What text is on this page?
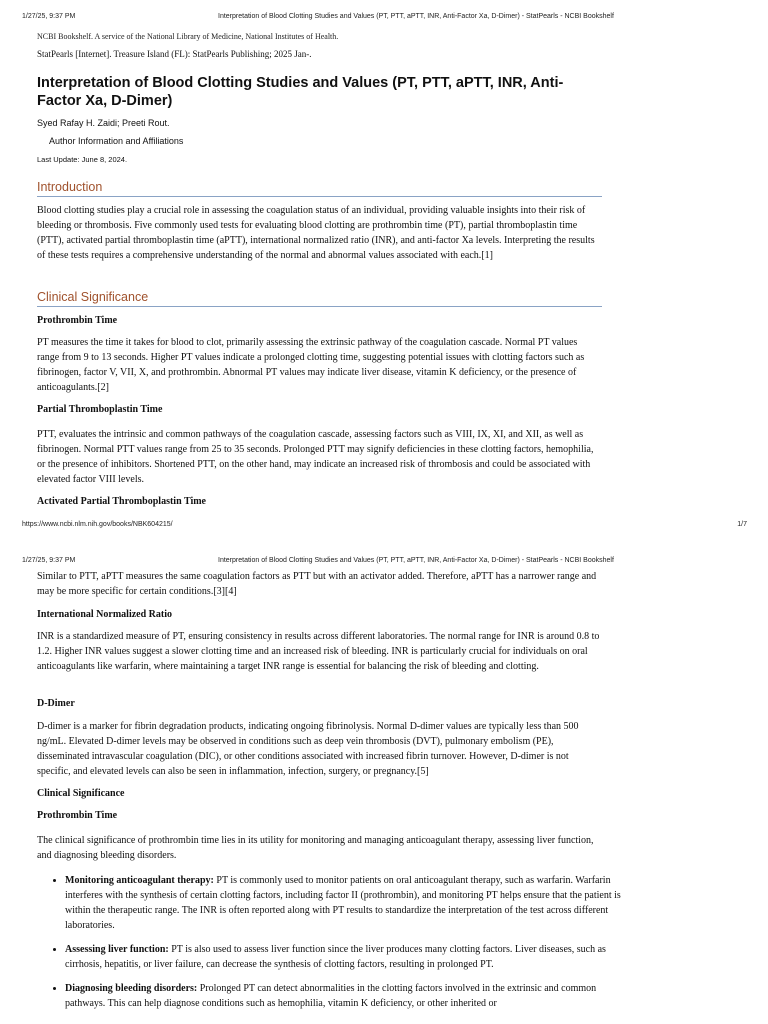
1/27/25, 9:37 PM	Interpretation of Blood Clotting Studies and Values (PT, PTT, aPTT, INR, Anti-Factor Xa, D-Dimer) - StatPearls - NCBI Bookshelf
NCBI Bookshelf. A service of the National Library of Medicine, National Institutes of Health.
StatPearls [Internet]. Treasure Island (FL): StatPearls Publishing; 2025 Jan-.
Interpretation of Blood Clotting Studies and Values (PT, PTT, aPTT, INR, Anti-Factor Xa, D-Dimer)
Syed Rafay H. Zaidi; Preeti Rout.
Author Information and Affiliations
Last Update: June 8, 2024.
Introduction

Blood clotting studies play a crucial role in assessing the coagulation status of an individual, providing valuable insights into their risk of bleeding or thrombosis. Five commonly used tests for evaluating blood clotting are prothrombin time (PT), partial thromboplastin time (PTT), activated partial thromboplastin time (aPTT), international normalized ratio (INR), and anti-factor Xa levels. Interpreting the results of these tests requires a comprehensive understanding of the normal and abnormal values associated with each.[1]

Clinical Significance
Prothrombin Time

PT measures the time it takes for blood to clot, primarily assessing the extrinsic pathway of the coagulation cascade. Normal PT values range from 9 to 13 seconds. Higher PT values indicate a prolonged clotting time, suggesting potential issues with clotting factors such as fibrinogen, factor V, VII, X, and prothrombin. Abnormal PT values may indicate liver disease, vitamin K deficiency, or the presence of anticoagulants.[2]

Partial Thromboplastin Time

PTT, evaluates the intrinsic and common pathways of the coagulation cascade, assessing factors such as VIII, IX, XI, and XII, as well as fibrinogen. Normal PTT values range from 25 to 35 seconds. Prolonged PTT may signify deficiencies in these clotting factors, hemophilia, or the presence of inhibitors. Shortened PTT, on the other hand, may indicate an increased risk of thrombosis and could be associated with elevated factor VIII levels.

Activated Partial Thromboplastin Time
https://www.ncbi.nlm.nih.gov/books/NBK604215/	1/7
1/27/25, 9:37 PM	Interpretation of Blood Clotting Studies and Values (PT, PTT, aPTT, INR, Anti-Factor Xa, D-Dimer) - StatPearls - NCBI Bookshelf

Similar to PTT, aPTT measures the same coagulation factors as PTT but with an activator added. Therefore, aPTT has a narrower range and may be more specific for certain conditions.[3][4]

International Normalized Ratio

INR is a standardized measure of PT, ensuring consistency in results across different laboratories. The normal range for INR is around 0.8 to 1.2. Higher INR values suggest a slower clotting time and an increased risk of bleeding. INR is particularly crucial for individuals on oral anticoagulants like warfarin, where maintaining a target INR range is essential for balancing the risk of bleeding and clotting.

D-Dimer

D-dimer is a marker for fibrin degradation products, indicating ongoing fibrinolysis. Normal D-dimer values are typically less than 500 ng/mL. Elevated D-dimer levels may be observed in conditions such as deep vein thrombosis (DVT), pulmonary embolism (PE), disseminated intravascular coagulation (DIC), or other conditions associated with increased fibrin turnover. However, D-dimer is not specific, and elevated levels can also be seen in inflammation, infection, surgery, or pregnancy.[5]

Clinical Significance
Prothrombin Time

The clinical significance of prothrombin time lies in its utility for monitoring and managing anticoagulant therapy, assessing liver function, and diagnosing bleeding disorders.

• Monitoring anticoagulant therapy: PT is commonly used to monitor patients on oral anticoagulant therapy, such as warfarin. Warfarin interferes with the synthesis of certain clotting factors, including factor II (prothrombin), and monitoring PT helps ensure that the patient is within the therapeutic range. The INR is often reported along with PT results to standardize the interpretation of the test across different laboratories.
• Assessing liver function: PT is also used to assess liver function since the liver produces many clotting factors. Liver diseases, such as cirrhosis, hepatitis, or liver failure, can decrease the synthesis of clotting factors, resulting in prolonged PT.
• Diagnosing bleeding disorders: Prolonged PT can detect abnormalities in the clotting factors involved in the extrinsic and common pathways. This can help diagnose conditions such as hemophilia, vitamin K deficiency, or other inherited or
